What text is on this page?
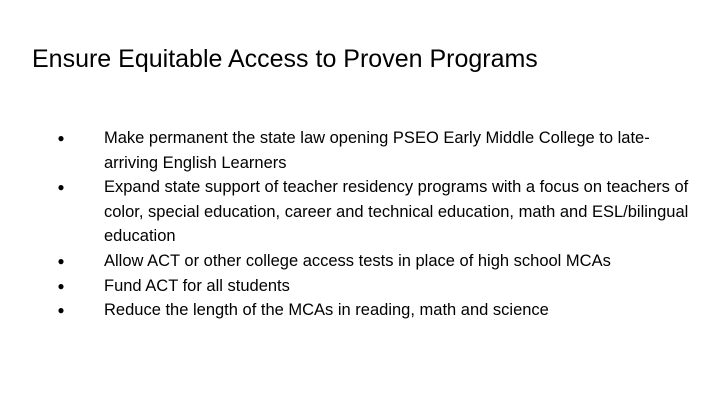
Ensure Equitable Access to Proven Programs
● Make permanent the state law opening PSEO Early Middle College to late-arriving English Learners
● Expand state support of teacher residency programs with a focus on teachers of color, special education, career and technical education, math and ESL/bilingual education
● Allow ACT or other college access tests in place of high school MCAs
● Fund ACT for all students
● Reduce the length of the MCAs in reading, math and science
